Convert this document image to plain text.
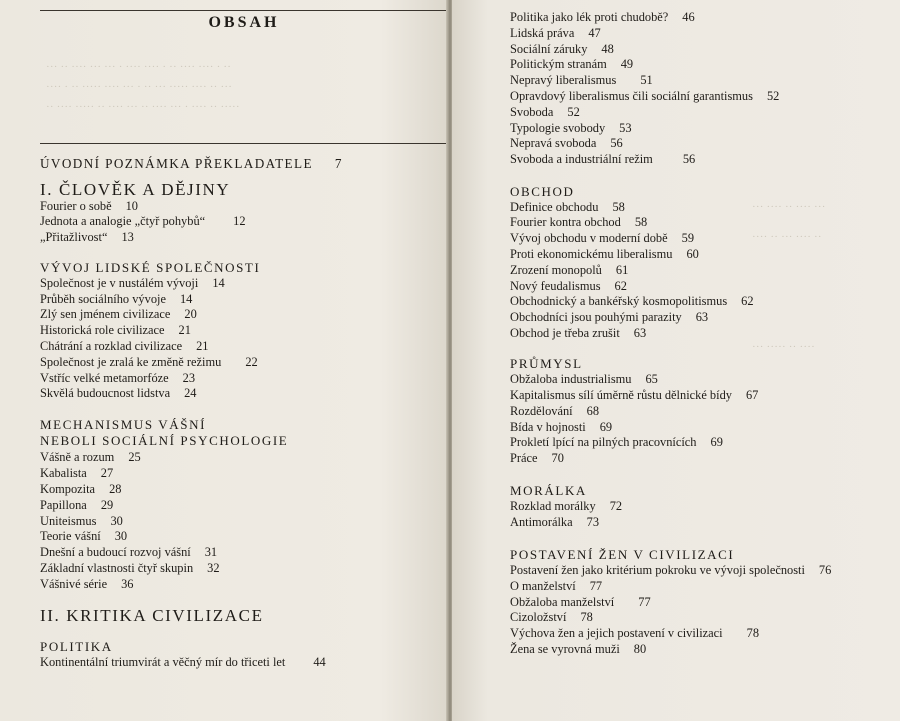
··· ·· ···· ··· ··· · ···· ···· · ·· ···· ···· · ··
···· · ·· ····· ···· ··· · ·· ··· ····· ···· ·· ···
·· ···· ····· ·· ···· ··· ·· ···· ··· · ···· ·· ·····
OBSAH
ÚVODNÍ POZNÁMKA PŘEKLADATELE 7
I. ČLOVĚK A DĚJINY
Fourier o sobě 10
Jednota a analogie „čtyř pohybů“ 12
„Přitažlivost“ 13
VÝVOJ LIDSKÉ SPOLEČNOSTI
Společnost je v nustálém vývoji 14
Průběh sociálního vývoje 14
Zlý sen jménem civilizace 20
Historická role civilizace 21
Chátrání a rozklad civilizace 21
Společnost je zralá ke změně režimu 22
Vstříc velké metamorfóze 23
Skvělá budoucnost lidstva 24
MECHANISMUS VÁŠNÍ
NEBOLI SOCIÁLNÍ PSYCHOLOGIE
Vášně a rozum 25
Kabalista 27
Kompozita 28
Papillona 29
Uniteismus 30
Teorie vášní 30
Dnešní a budoucí rozvoj vášní 31
Základní vlastnosti čtyř skupin 32
Vášnivé série 36
II. KRITIKA CIVILIZACE
POLITIKA
Kontinentální triumvirát a věčný mír do třiceti let 44
··· ···· ·· ···· ···
···· ·· ··· ···· ··
··· ····· ·· ····
Politika jako lék proti chudobě? 46
Lidská práva 47
Sociální záruky 48
Politickým stranám 49
Nepravý liberalismus 51
Opravdový liberalismus čili sociální garantismus 52
Svoboda 52
Typologie svobody 53
Nepravá svoboda 56
Svoboda a industriální režim 56
OBCHOD
Definice obchodu 58
Fourier kontra obchod 58
Vývoj obchodu v moderní době 59
Proti ekonomickému liberalismu 60
Zrození monopolů 61
Nový feudalismus 62
Obchodnický a bankéřský kosmopolitismus 62
Obchodníci jsou pouhými parazity 63
Obchod je třeba zrušit 63
PRŮMYSL
Obžaloba industrialismu 65
Kapitalismus sílí úměrně růstu dělnické bídy 67
Rozdělování 68
Bída v hojnosti 69
Prokletí lpící na pilných pracovnících 69
Práce 70
MORÁLKA
Rozklad morálky 72
Antimorálka 73
POSTAVENÍ ŽEN V CIVILIZACI
Postavení žen jako kritérium pokroku ve vývoji společnosti 76
O manželství 77
Obžaloba manželství 77
Cizoložství 78
Výchova žen a jejich postavení v civilizaci 78
Žena se vyrovná muži 80
